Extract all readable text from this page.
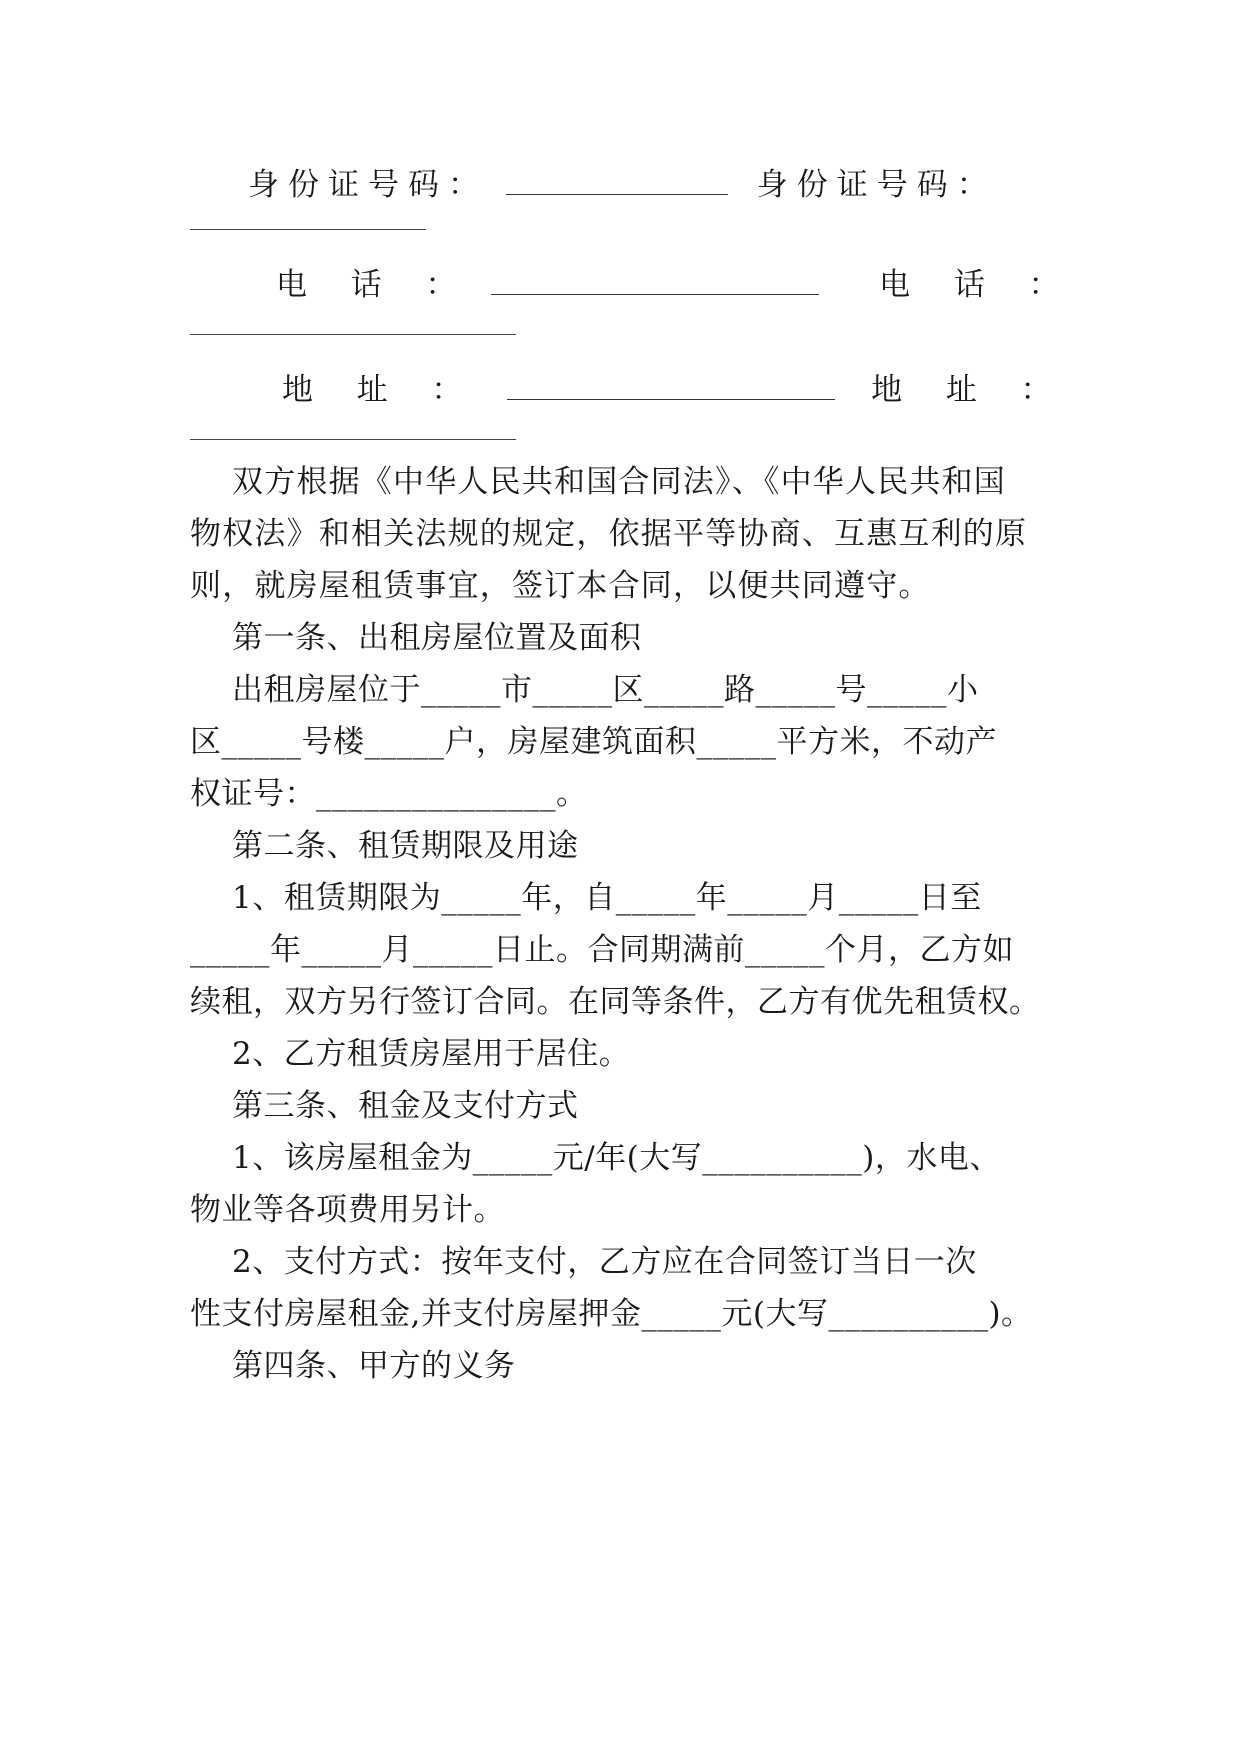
身份证号码：	身份证号码：
电  话  ：	电  话  ：
地  址  ：	地  址  ：
双方根据《中华人民共和国合同法》、《中华人民共和国
物权法》和相关法规的规定，依据平等协商、互惠互利的原
则，就房屋租赁事宜，签订本合同，以便共同遵守。
第一条、出租房屋位置及面积
出租房屋位于_____市_____区_____路_____号_____小
区_____号楼_____户，房屋建筑面积_____平方米，不动产
权证号：_______________。
第二条、租赁期限及用途
1、租赁期限为_____年，自_____年_____月_____日至
_____年_____月_____日止。合同期满前_____个月，乙方如
续租，双方另行签订合同。在同等条件，乙方有优先租赁权。
2、乙方租赁房屋用于居住。
第三条、租金及支付方式
1、该房屋租金为_____元/年(大写__________)，水电、
物业等各项费用另计。
2、支付方式：按年支付，乙方应在合同签订当日一次
性支付房屋租金,并支付房屋押金_____元(大写__________)。
第四条、甲方的义务
